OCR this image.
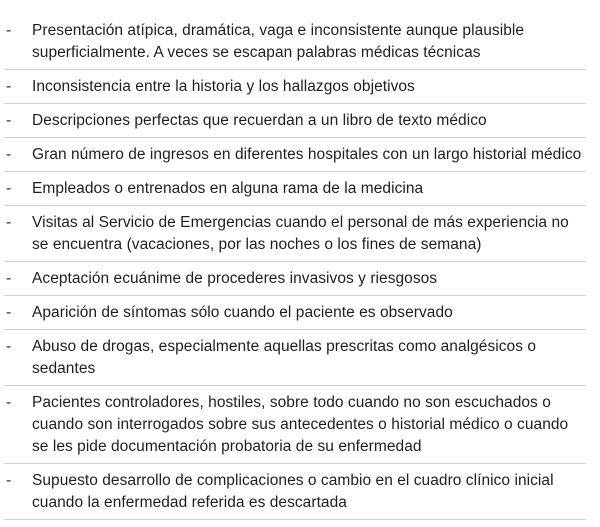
-	Presentación atípica, dramática, vaga e inconsistente aunque plausible superficialmente. A veces se escapan palabras médicas técnicas
-	Inconsistencia entre la historia y los hallazgos objetivos
-	Descripciones perfectas que recuerdan a un libro de texto médico
-	Gran número de ingresos en diferentes hospitales con un largo historial médico
-	Empleados o entrenados en alguna rama de la medicina
-	Visitas al Servicio de Emergencias cuando el personal de más experiencia no se encuentra (vacaciones, por las noches o los fines de semana)
-	Aceptación ecuánime de procederes invasivos y riesgosos
-	Aparición de síntomas sólo cuando el paciente es observado
-	Abuso de drogas, especialmente aquellas prescritas como analgésicos o sedantes
-	Pacientes controladores, hostiles, sobre todo cuando no son escuchados o cuando son interrogados sobre sus antecedentes o historial médico o cuando se les pide documentación probatoria de su enfermedad
-	Supuesto desarrollo de complicaciones o cambio en el cuadro clínico inicial cuando la enfermedad referida es descartada
